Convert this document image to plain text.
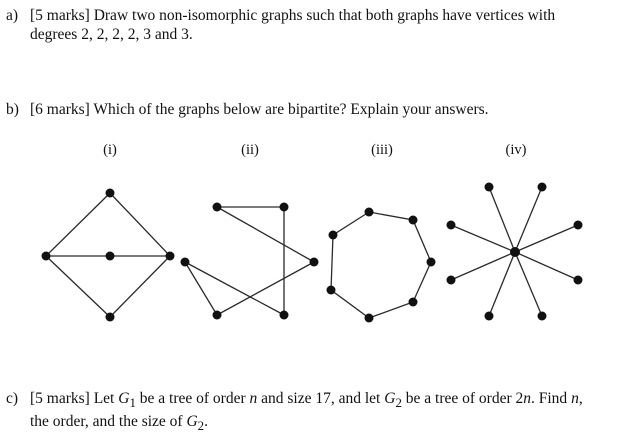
a) [5 marks] Draw two non-isomorphic graphs such that both graphs have vertices with
degrees 2, 2, 2, 2, 3 and 3.
b) [6 marks] Which of the graphs below are bipartite? Explain your answers.
(i)	(ii)	(iii)	(iv)
c) [5 marks] Let $G_1$ be a tree of order n and size 17, and let $G_2$ be a tree of order 2n. Find n,
the order, and the size of $G_2$.
